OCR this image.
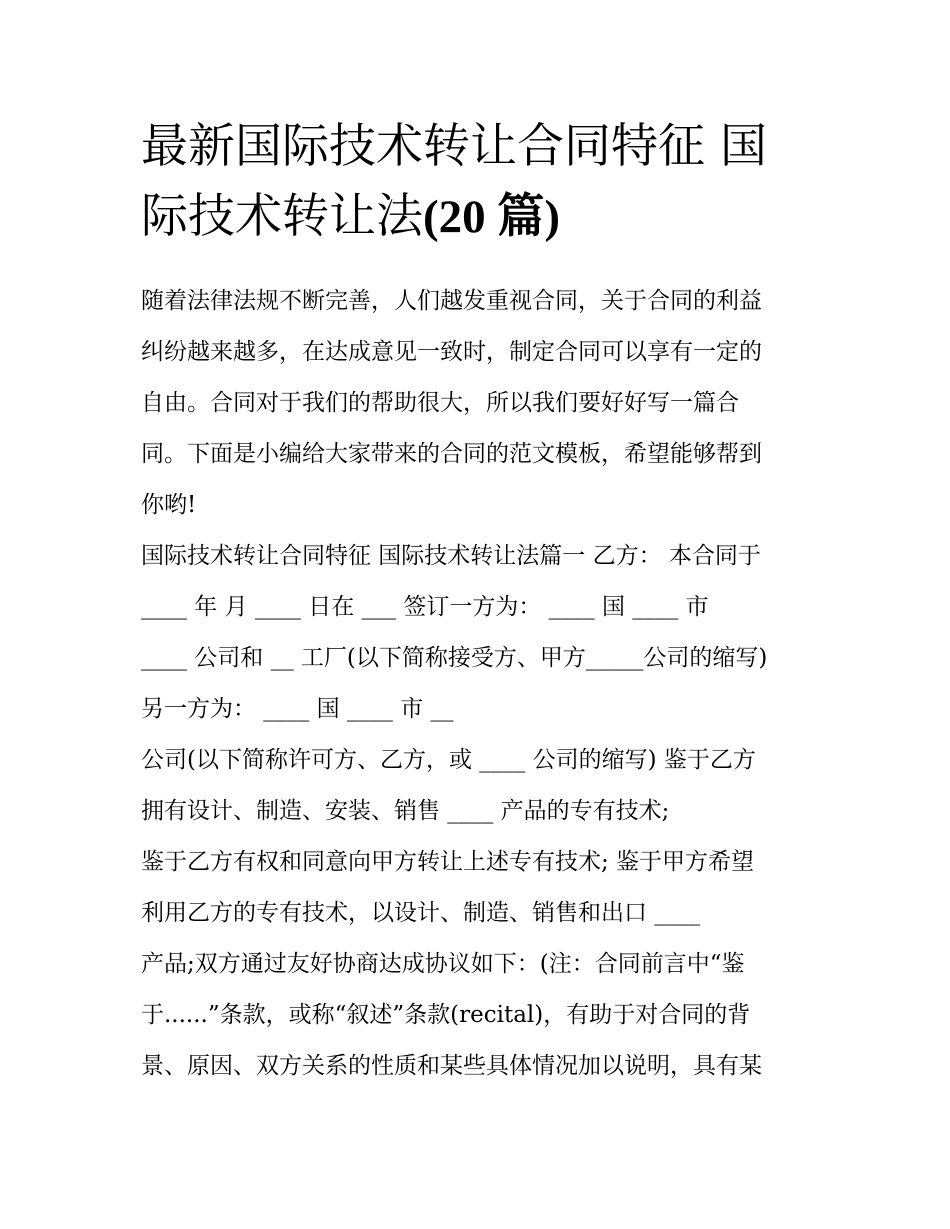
最新国际技术转让合同特征 国
际技术转让法(20 篇)

随着法律法规不断完善，人们越发重视合同，关于合同的利益
纠纷越来越多，在达成意见一致时，制定合同可以享有一定的
自由。合同对于我们的帮助很大，所以我们要好好写一篇合
同。下面是小编给大家带来的合同的范文模板，希望能够帮到
你哟!

国际技术转让合同特征 国际技术转让法篇一 乙方： 本合同于
____ 年 月 ____ 日在 ___ 签订一方为： ____ 国 ____ 市
____ 公司和 __ 工厂(以下简称接受方、甲方_____公司的缩写)
另一方为： ____ 国 ____ 市 __

公司(以下简称许可方、乙方，或 ____ 公司的缩写) 鉴于乙方
拥有设计、制造、安装、销售 ____ 产品的专有技术;

鉴于乙方有权和同意向甲方转让上述专有技术; 鉴于甲方希望
利用乙方的专有技术，以设计、制造、销售和出口 ____

产品;双方通过友好协商达成协议如下：(注：合同前言中“鉴
于......”条款，或称“叙述”条款(recital)，有助于对合同的背
景、原因、双方关系的性质和某些具体情况加以说明，具有某
